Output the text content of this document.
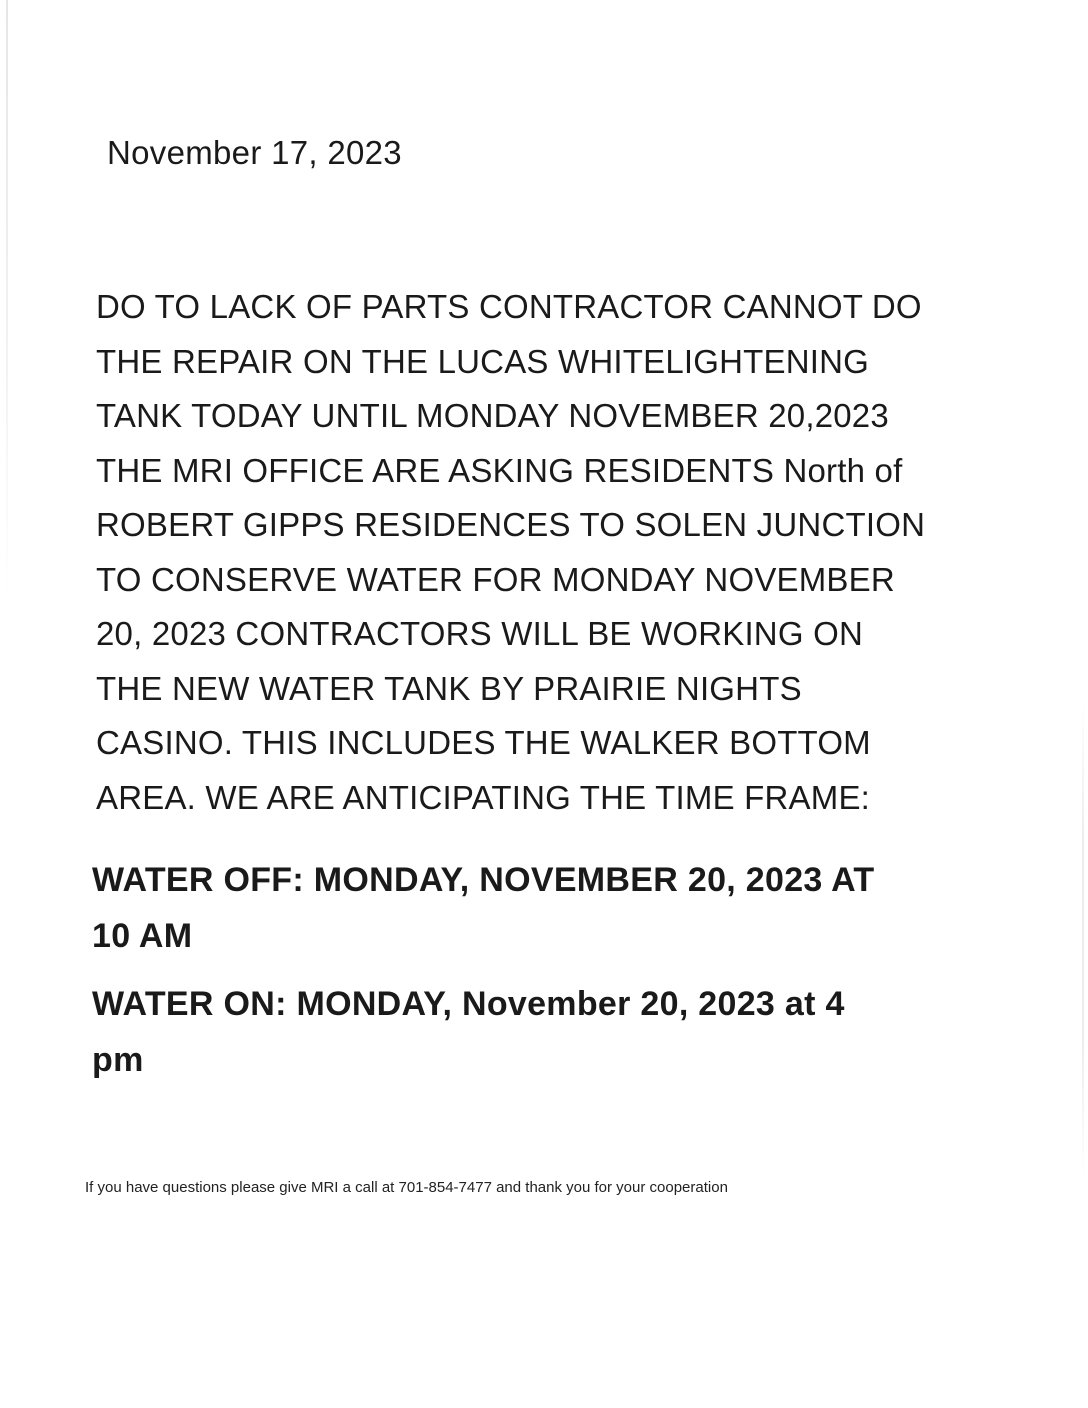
November 17, 2023
DO TO LACK OF PARTS CONTRACTOR CANNOT DO
THE REPAIR ON THE LUCAS WHITELIGHTENING
TANK TODAY UNTIL MONDAY NOVEMBER 20,2023
THE MRI OFFICE ARE ASKING RESIDENTS North of
ROBERT GIPPS RESIDENCES TO SOLEN JUNCTION
TO CONSERVE WATER FOR MONDAY NOVEMBER
20, 2023 CONTRACTORS WILL BE WORKING ON
THE NEW WATER TANK BY PRAIRIE NIGHTS
CASINO. THIS INCLUDES THE WALKER BOTTOM
AREA. WE ARE ANTICIPATING THE TIME FRAME:
WATER OFF: MONDAY, NOVEMBER 20, 2023 AT
10 AM
WATER ON: MONDAY, November 20, 2023 at 4
pm
If you have questions please give MRI a call at 701-854-7477 and thank you for your cooperation
